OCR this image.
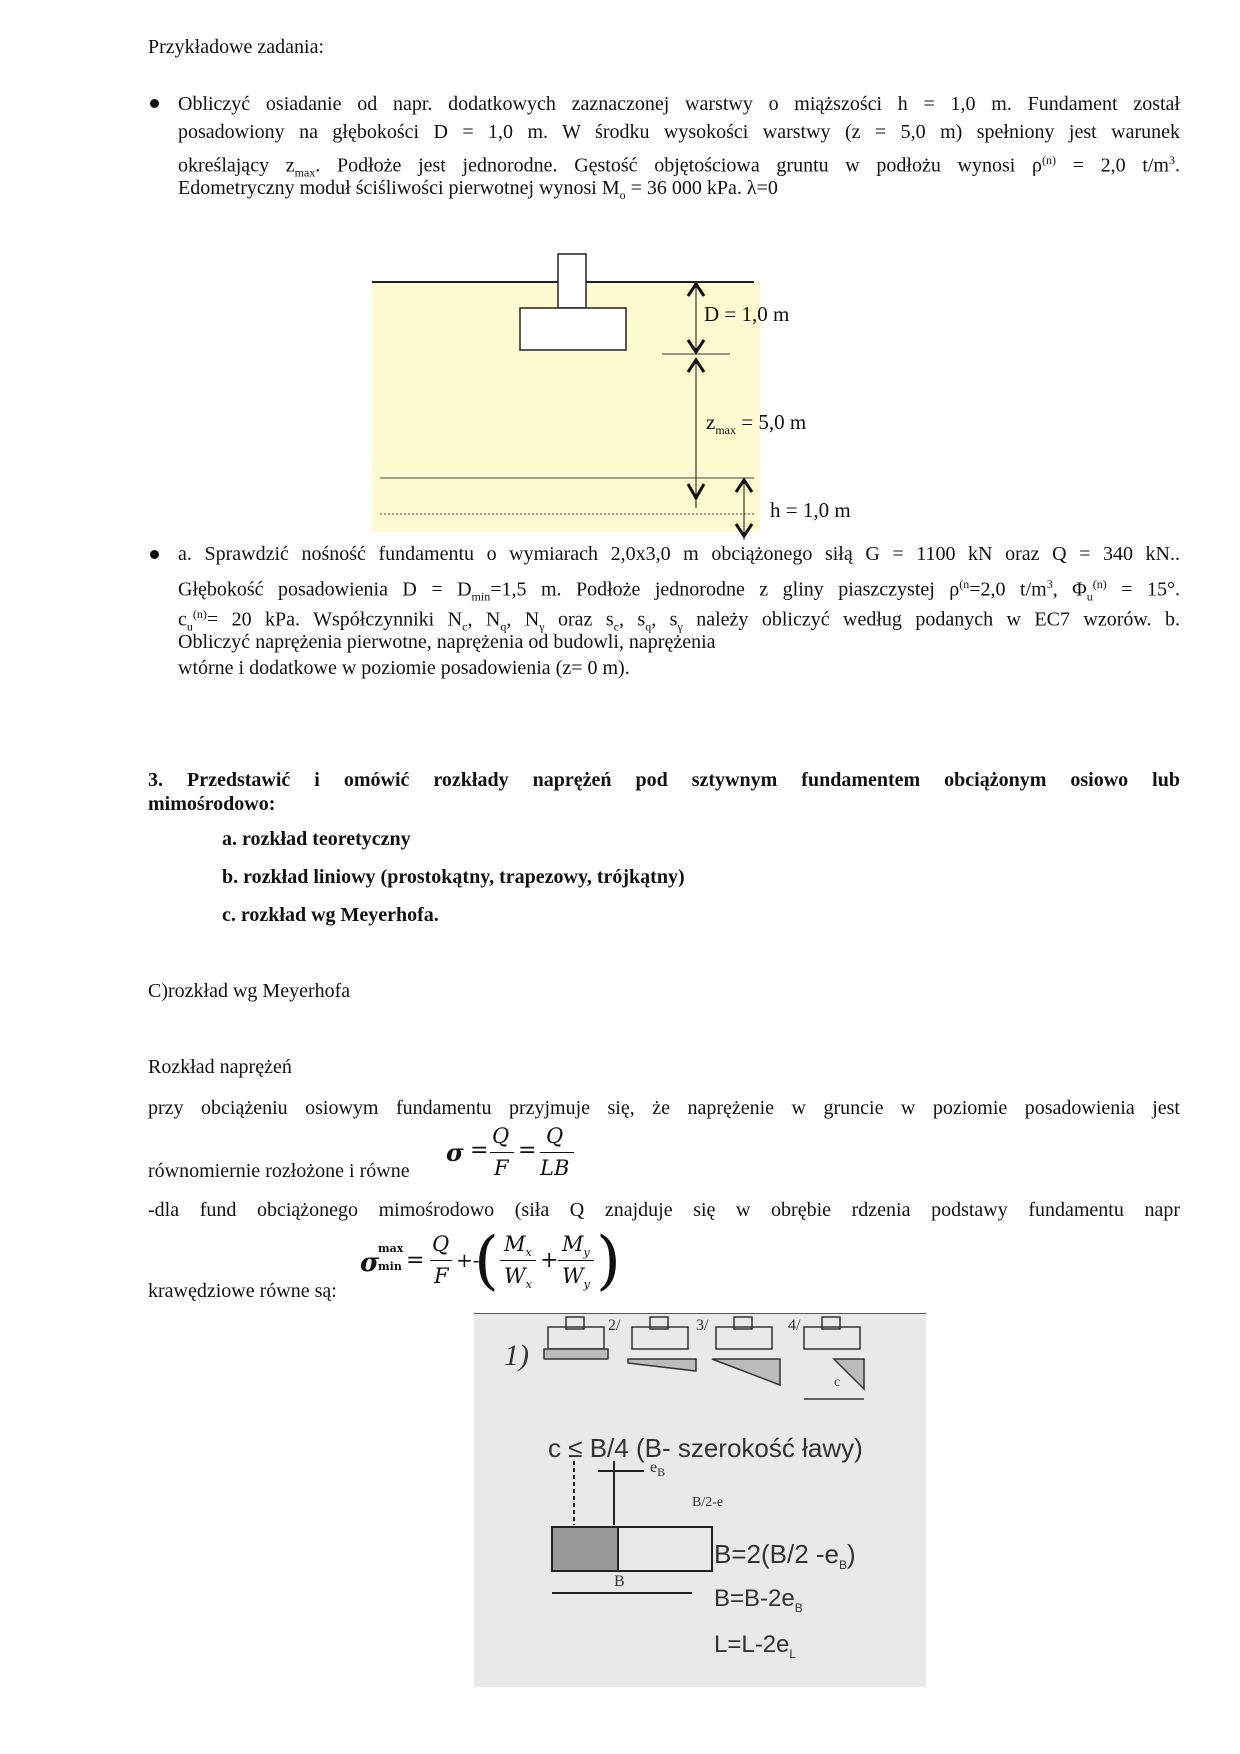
Przykładowe zadania:
Obliczyć osiadanie od napr. dodatkowych zaznaczonej warstwy o miąższości h = 1,0 m. Fundament został
posadowiony na głębokości D = 1,0 m. W środku wysokości warstwy (z = 5,0 m) spełniony jest warunek
określający $z_{max}$. Podłoże jest jednorodne. Gęstość objętościowa gruntu w podłożu wynosi $\rho^{(n)} = 2,0$ $t/m^3$.
Edometryczny moduł ściśliwości pierwotnej wynosi $M_o = 36$ 000 kPa. λ=0
D = 1,0 m
$z_{max} = 5,0$ m
h = 1,0 m
a. Sprawdzić nośność fundamentu o wymiarach 2,0x3,0 m obciążonego siłą G = 1100 kN oraz Q = 340 kN..
Głębokość posadowienia $D = D_{min}=1,5$ m. Podłoże jednorodne z gliny piaszczystej $\rho^{(n}=2,0$ $t/m^3$, $\Phi_u^{(n)} = 15^\circ$.
$c_u^{(n)}= 20$ kPa. Współczynniki $N_c$, $N_q$, $N_\gamma$ oraz $s_c$, $s_q$, $s_\gamma$ należy obliczyć według podanych w EC7 wzorów. b.
Obliczyć naprężenia pierwotne, naprężenia od budowli, naprężenia
wtórne i dodatkowe w poziomie posadowienia (z= 0 m).
3. Przedstawić i omówić rozkłady naprężeń pod sztywnym fundamentem obciążonym osiowo lub
mimośrodowo:
a. rozkład teoretyczny
b. rozkład liniowy (prostokątny, trapezowy, trójkątny)
c. rozkład wg Meyerhofa.
C)rozkład wg Meyerhofa
Rozkład naprężeń
przy obciążeniu osiowym fundamentu przyjmuje się, że naprężenie w gruncie w poziomie posadowienia jest
równomiernie rozłożone i równe
σ =
Q
F
=
Q
LB
-dla fund obciążonego mimośrodowo (siła Q znajduje się w obrębie rdzenia podstawy fundamentu napr
krawędziowe równe są:
σ
max
min =
Q
F
+-
( $M_x$
$W_x$
+
$M_y$
$W_y$ )
1)
2/	3/	4/
c
c ≤ B/4 (B- szerokość ławy)
$e_B$
B/2-e
B
B=2(B/2 $-e_B$)
$B=B-2e_B$
$L=L-2e_L$
